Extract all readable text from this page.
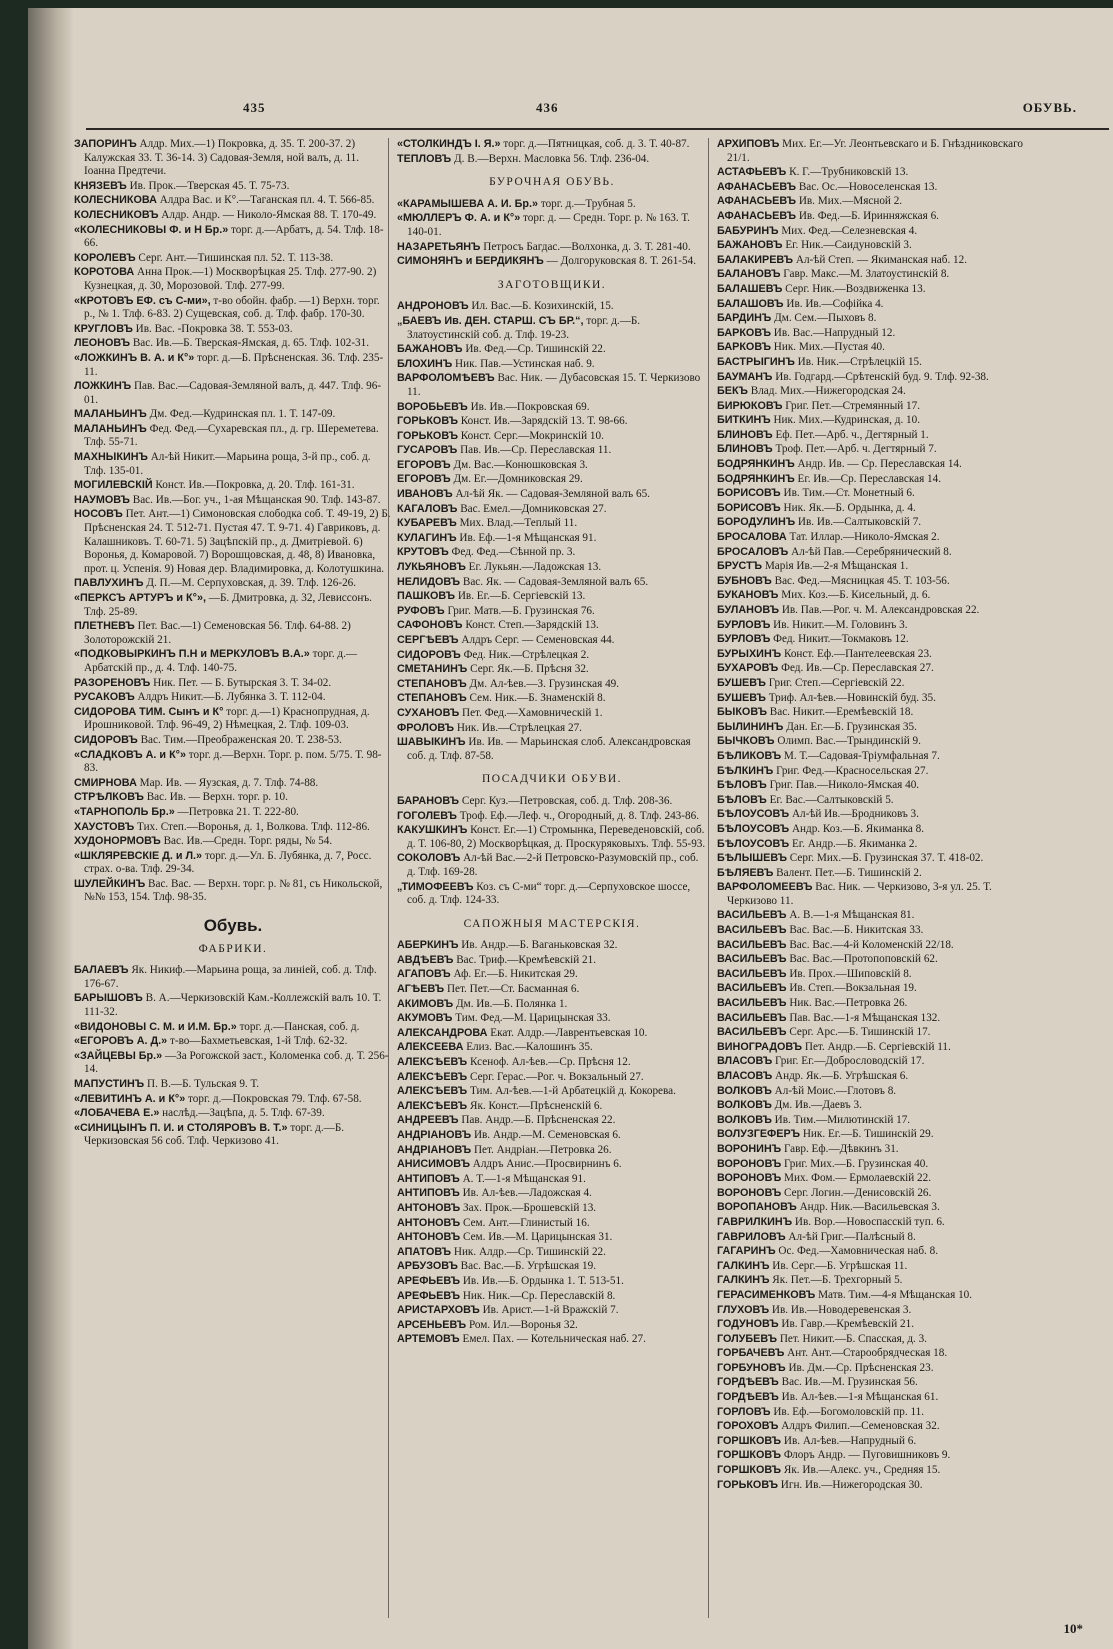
435	436	ОБУВЬ.
ЗАПОРИНЪ Алдр. Мих.—1) Покровка, д. 35. Т. 200-37. 2) Калужская 33. Т. 36-14. 3) Садовая-Земля, ной валъ, д. 11. Іоанна Предтечи.
КНЯЗЕВЪ Ив. Прок.—Тверская 45. Т. 75-73.
КОЛЕСНИКОВА Алдра Вас. и К°.—Таганская пл. 4. Т. 566-85.
КОЛЕСНИКОВЪ Алдр. Андр. — Николо-Ямская 88. Т. 170-49.
«КОЛЕСНИКОВЫ Ф. и Н Бр.» торг. д.—Арбатъ, д. 54. Тлф. 18-66.
КОРОЛЕВЪ Серг. Ант.—Тишинская пл. 52. Т. 113-38.
КОРОТОВА Анна Прок.—1) Москворѣцкая 25. Тлф. 277-90. 2) Кузнецкая, д. 30, Морозовой. Тлф. 277-99.
«КРОТОВЪ ЕФ. съ С-ми», т-во обойн. фабр. —1) Верхн. торг. р., № 1. Тлф. 6-83. 2) Сущевская, соб. д. Тлф. фабр. 170-30.
КРУГЛОВЪ Ив. Вас. -Покровка 38. Т. 553-03.
ЛЕОНОВЪ Вас. Ив.—Б. Тверская-Ямская, д. 65. Тлф. 102-31.
«ЛОЖКИНЪ В. А. и К°» торг. д.—Б. Прѣсненская. 36. Тлф. 235-11.
ЛОЖКИНЪ Пав. Вас.—Садовая-Земляной валъ, д. 447. Тлф. 96-01.
МАЛАНЬИНЪ Дм. Фед.—Кудринская пл. 1. Т. 147-09.
МАЛАНЬИНЪ Фед. Фед.—Сухаревская пл., д. гр. Шереметева. Тлф. 55-71.
МАХНЫКИНЪ Ал-ѣй Никит.—Марьина роща, 3-й пр., соб. д. Тлф. 135-01.
МОГИЛЕВСКІЙ Конст. Ив.—Покровка, д. 20. Тлф. 161-31.
НАУМОВЪ Вас. Ив.—Бог. уч., 1-ая Мѣщанская 90. Тлф. 143-87.
НОСОВЪ Пет. Ант.—1) Симоновская слободка соб. Т. 49-19, 2) Б. Прѣсненская 24. Т. 512-71. Пустая 47. Т. 9-71. 4) Гавриковъ, д. Калашниковъ. Т. 60-71. 5) Зацѣпскій пр., д. Дмитріевой. 6) Воронья, д. Комаровой. 7) Ворошцовская, д. 48, 8) Ивановка, прот. ц. Успенія. 9) Новая дер. Владимировка, д. Колотушкина.
ПАВЛУХИНЪ Д. П.—М. Серпуховская, д. 39. Тлф. 126-26.
«ПЕРКСЪ АРТУРЪ и К°», —Б. Дмитровка, д. 32, Левиссонъ. Тлф. 25-89.
ПЛЕТНЕВЪ Пет. Вас.—1) Семеновская 56. Тлф. 64-88. 2) Золоторожскій 21.
«ПОДКОВЫРКИНЪ П.Н и МЕРКУЛОВЪ В.А.» торг. д.—Арбатскій пр., д. 4. Тлф. 140-75.
РАЗОРЕНОВЪ Ник. Пет. — Б. Бутырская 3. Т. 34-02.
РУСАКОВЪ Алдръ Никит.—Б. Лубянка 3. Т. 112-04.
СИДОРОВА ТИМ. Сынъ и К° торг. д.—1) Краснопрудная, д. Ирошниковой. Тлф. 96-49, 2) Нѣмецкая, 2. Тлф. 109-03.
СИДОРОВЪ Вас. Тим.—Преображенская 20. Т. 238-53.
«СЛАДКОВЪ А. и К°» торг. д.—Верхн. Торг. р. пом. 5/75. Т. 98-83.
СМИРНОВА Мар. Ив. — Яузская, д. 7. Тлф. 74-88.
СТРѢЛКОВЪ Вас. Ив. — Верхн. торг. р. 10.
«ТАРНОПОЛЬ Бр.» —Петровка 21. Т. 222-80.
ХАУСТОВЪ Тих. Степ.—Воронья, д. 1, Волкова. Тлф. 112-86.
ХУДОНОРМОВЪ Вас. Ив.—Средн. Торг. ряды, № 54.
«ШКЛЯРЕВСКІЕ Д. и Л.» торг. д.—Ул. Б. Лубянка, д. 7, Росс. страх. о-ва. Тлф. 29-34.
ШУЛЕЙКИНЪ Вас. Вас. — Верхн. торг. р. № 81, съ Никольской, №№ 153, 154. Тлф. 98-35.
Обувь.
ФАБРИКИ.
БАЛАЕВЪ Як. Никиф.—Марьина роща, за линіей, соб. д. Тлф. 176-67.
БАРЫШОВЪ В. А.—Черкизовскій Кам.-Коллежскій валъ 10. Т. 111-32.
«ВИДОНОВЫ С. М. и И.М. Бр.» торг. д.—Панская, соб. д.
«ЕГОРОВЪ А. Д.» т-во—Бахметьевская, 1-й Тлф. 62-32.
«ЗАЙЦЕВЫ Бр.» —За Рогожской заст., Коломенка соб. д. Т. 256-14.
МАПУСТИНЪ П. В.—Б. Тульская 9. Т.
«ЛЕВИТИНЪ А. и К°» торг. д.—Покровская 79. Тлф. 67-58.
«ЛОБАЧЕВА Е.» наслѣд.—Зацѣпа, д. 5. Тлф. 67-39.
«СИНИЦЫНЪ П. И. и СТОЛЯРОВЪ В. Т.» торг. д.—Б. Черкизовская 56 соб. Тлф. Черкизово 41.
«СТОЛКИНДЪ І. Я.» торг. д.—Пятницкая, соб. д. 3. Т. 40-87.
ТЕПЛОВЪ Д. В.—Верхн. Масловка 56. Тлф. 236-04.
БУРОЧНАЯ ОБУВЬ.
«КАРАМЫШЕВА А. И. Бр.» торг. д.—Трубная 5.
«МЮЛЛЕРЪ Ф. А. и К°» торг. д. — Средн. Торг. р. № 163. Т. 140-01.
НАЗАРЕТЬЯНЪ Петросъ Багдас.—Волхонка, д. 3. Т. 281-40.
СИМОНЯНЪ и БЕРДИКЯНЪ — Долгоруковская 8. Т. 261-54.
ЗАГОТОВЩИКИ.
АНДРОНОВЪ Ил. Вас.—Б. Козихинскій, 15.
„БАЕВЪ Ив. ДЕН. СТАРШ. СЪ БР.“, торг. д.—Б. Златоустинскій соб. д. Тлф. 19-23.
БАЖАНОВЪ Ив. Фед.—Ср. Тишинскій 22.
БЛОХИНЪ Ник. Пав.—Устинская наб. 9.
ВАРФОЛОМѢЕВЪ Вас. Ник. — Дубасовская 15. Т. Черкизово 11.
ВОРОБЬЕВЪ Ив. Ив.—Покровская 69.
ГОРЬКОВЪ Конст. Ив.—Зарядскій 13. Т. 98-66.
ГОРЬКОВЪ Конст. Серг.—Мокринскій 10.
ГУСАРОВЪ Пав. Ив.—Ср. Переславская 11.
ЕГОРОВЪ Дм. Вас.—Конюшковская 3.
ЕГОРОВЪ Дм. Ег.—Домниковская 29.
ИВАНОВЪ Ал-ѣй Як. — Садовая-Земляной валъ 65.
КАГАЛОВЪ Вас. Емел.—Домниковская 27.
КУБАРЕВЪ Мих. Влад.—Теплый 11.
КУЛАГИНЪ Ив. Еф.—1-я Мѣщанская 91.
КРУТОВЪ Фед. Фед.—Сѣнной пр. 3.
ЛУКЬЯНОВЪ Ег. Лукьян.—Ладожская 13.
НЕЛИДОВЪ Вас. Як. — Садовая-Земляной валъ 65.
ПАШКОВЪ Ив. Ег.—Б. Сергіевскій 13.
РУФОВЪ Григ. Матв.—Б. Грузинская 76.
САФОНОВЪ Конст. Степ.—Зарядскій 13.
СЕРГѢЕВЪ Алдръ Серг. — Семеновская 44.
СИДОРОВЪ Фед. Ник.—Стрѣлецкая 2.
СМЕТАНИНЪ Серг. Як.—Б. Прѣсня 32.
СТЕПАНОВЪ Дм. Ал-ѣев.—З. Грузинская 49.
СТЕПАНОВЪ Сем. Ник.—Б. Знаменскій 8.
СУХАНОВЪ Пет. Фед.—Хамовническій 1.
ФРОЛОВЪ Ник. Ив.—Стрѣлецкая 27.
ШАВЫКИНЪ Ив. Ив. — Марьинская слоб. Александровская соб. д. Тлф. 87-58.
ПОСАДЧИКИ ОБУВИ.
БАРАНОВЪ Серг. Куз.—Петровская, соб. д. Тлф. 208-36.
ГОГОЛЕВЪ Троф. Еф.—Леф. ч., Огородный, д. 8. Тлф. 243-86.
КАКУШКИНЪ Конст. Ег.—1) Стромынка, Переведеновскій, соб. д. Т. 106-80, 2) Москворѣцкая, д. Проскуряковыхъ. Тлф. 55-93.
СОКОЛОВЪ Ал-ѣй Вас.—2-й Петровско-Разумовскій пр., соб. д. Тлф. 169-28.
„ТИМОФЕЕВЪ Коз. съ С-ми“ торг. д.—Серпуховское шоссе, соб. д. Тлф. 124-33.
САПОЖНЫЯ МАСТЕРСКІЯ.
АБЕРКИНЪ Ив. Андр.—Б. Ваганьковская 32.
АВДѢЕВЪ Вас. Триф.—Кремѣевскій 21.
АГАПОВЪ Аф. Ег.—Б. Никитская 29.
АГѢЕВЪ Пет. Пет.—Ст. Басманная 6.
АКИМОВЪ Дм. Ив.—Б. Полянка 1.
АКУМОВЪ Тим. Фед.—М. Царицынская 33.
АЛЕКСАНДРОВА Екат. Алдр.—Лаврентьевская 10.
АЛЕКСЕЕВА Елиз. Вас.—Калошинъ 35.
АЛЕКСѢЕВЪ Ксеноф. Ал-ѣев.—Ср. Прѣсня 12.
АЛЕКСѢЕВЪ Серг. Герас.—Рог. ч. Вокзальный 27.
АЛЕКСѢЕВЪ Тим. Ал-ѣев.—1-й Арбатецкій д. Кокорева.
АЛЕКСѢЕВЪ Як. Конст.—Прѣсненскій 6.
АНДРЕЕВЪ Пав. Андр.—Б. Прѣсненская 22.
АНДРІАНОВЪ Ив. Андр.—М. Семеновская 6.
АНДРІАНОВЪ Пет. Андріан.—Петровка 26.
АНИСИМОВЪ Алдръ Анис.—Просвирнинъ 6.
АНТИПОВЪ А. Т.—1-я Мѣщанская 91.
АНТИПОВЪ Ив. Ал-ѣев.—Ладожская 4.
АНТОНОВЪ Зах. Прок.—Брошевскій 13.
АНТОНОВЪ Сем. Ант.—Глинистый 16.
АНТОНОВЪ Сем. Ив.—М. Царицынская 31.
АПАТОВЪ Ник. Алдр.—Ср. Тишинскій 22.
АРБУЗОВЪ Вас. Вас.—Б. Угрѣшская 19.
АРЕФЬЕВЪ Ив. Ив.—Б. Ордынка 1. Т. 513-51.
АРЕФЬЕВЪ Ник. Ник.—Ср. Переславскій 8.
АРИСТАРХОВЪ Ив. Арист.—1-й Вражскій 7.
АРСЕНЬЕВЪ Ром. Ил.—Воронья 32.
АРТЕМОВЪ Емел. Пах. — Котельническая наб. 27.
АРХИПОВЪ Мих. Ег.—Уг. Леонтьевскаго и Б. Гнѣздниковскаго 21/1.
АСТАФЬЕВЪ К. Г.—Трубниковскій 13.
АФАНАСЬЕВЪ Вас. Ос.—Новоселенская 13.
АФАНАСЬЕВЪ Ив. Мих.—Мясной 2.
АФАНАСЬЕВЪ Ив. Фед.—Б. Иринняжская 6.
БАБУРИНЪ Мих. Фед.—Селезневская 4.
БАЖАНОВЪ Ег. Ник.—Саидуновскій 3.
БАЛАКИРЕВЪ Ал-ѣй Степ. — Якиманская наб. 12.
БАЛАНОВЪ Гавр. Макс.—М. Златоустинскій 8.
БАЛАШЕВЪ Серг. Ник.—Воздвиженка 13.
БАЛАШОВЪ Ив. Ив.—Софійка 4.
БАРДИНЪ Дм. Сем.—Пыховъ 8.
БАРКОВЪ Ив. Вас.—Напрудный 12.
БАРКОВЪ Ник. Мих.—Пустая 40.
БАСТРЫГИНЪ Ив. Ник.—Стрѣлецкій 15.
БАУМАНЪ Ив. Годгард.—Срѣтенскій буд. 9. Тлф. 92-38.
БЕКЪ Влад. Мих.—Нижегородская 24.
БИРЮКОВЪ Григ. Пет.—Стремянный 17.
БИТКИНЪ Ник. Мих.—Кудринская, д. 10.
БЛИНОВЪ Еф. Пет.—Арб. ч., Дегтярный 1.
БЛИНОВЪ Троф. Пет.—Арб. ч. Дегтярный 7.
БОДРЯНКИНЪ Андр. Ив. — Ср. Переславская 14.
БОДРЯНКИНЪ Ег. Ив.—Ср. Переславская 14.
БОРИСОВЪ Ив. Тим.—Ст. Монетный 6.
БОРИСОВЪ Ник. Як.—Б. Ордынка, д. 4.
БОРОДУЛИНЪ Ив. Ив.—Салтыковскій 7.
БРОСАЛОВА Тат. Иллар.—Николо-Ямская 2.
БРОСАЛОВЪ Ал-ѣй Пав.—Серебрянический 8.
БРУСТЪ Марія Ив.—2-я Мѣщанская 1.
БУБНОВЪ Вас. Фед.—Мясницкая 45. Т. 103-56.
БУКАНОВЪ Мих. Коз.—Б. Кисельный, д. 6.
БУЛАНОВЪ Ив. Пав.—Рог. ч. М. Александровская 22.
БУРЛОВЪ Ив. Никит.—М. Головинъ 3.
БУРЛОВЪ Фед. Никит.—Токмаковъ 12.
БУРЫХИНЪ Конст. Еф.—Пантелеевская 23.
БУХАРОВЪ Фед. Ив.—Ср. Переславская 27.
БУШЕВЪ Григ. Степ.—Сергіевскій 22.
БУШЕВЪ Триф. Ал-ѣев.—Новинскій буд. 35.
БЫКОВЪ Вас. Никит.—Еремѣевскій 18.
БЫЛИНИНЪ Дан. Ег.—Б. Грузинская 35.
БЫЧКОВЪ Олимп. Вас.—Трындинскій 9.
БѢЛИКОВЪ М. Т.—Садовая-Тріумфальная 7.
БѢЛКИНЪ Григ. Фед.—Красносельская 27.
БѢЛОВЪ Григ. Пав.—Николо-Ямская 40.
БѢЛОВЪ Ег. Вас.—Салтыковскій 5.
БѢЛОУСОВЪ Ал-ѣй Ив.—Бродниковъ 3.
БѢЛОУСОВЪ Андр. Коз.—Б. Якиманка 8.
БѢЛОУСОВЪ Ег. Андр.—Б. Якиманка 2.
БѢЛЫШЕВЪ Серг. Мих.—Б. Грузинская 37. Т. 418-02.
БѢЛЯЕВЪ Валент. Пет.—Б. Тишинскій 2.
ВАРФОЛОМЕЕВЪ Вас. Ник. — Черкизово, 3-я ул. 25. Т. Черкизово 11.
ВАСИЛЬЕВЪ А. В.—1-я Мѣщанская 81.
ВАСИЛЬЕВЪ Вас. Вас.—Б. Никитская 33.
ВАСИЛЬЕВЪ Вас. Вас.—4-й Коломенскій 22/18.
ВАСИЛЬЕВЪ Вас. Вас.—Протопоповскій 62.
ВАСИЛЬЕВЪ Ив. Прох.—Шиповскій 8.
ВАСИЛЬЕВЪ Ив. Степ.—Вокзальная 19.
ВАСИЛЬЕВЪ Ник. Вас.—Петровка 26.
ВАСИЛЬЕВЪ Пав. Вас.—1-я Мѣщанская 132.
ВАСИЛЬЕВЪ Серг. Арс.—Б. Тишинскій 17.
ВИНОГРАДОВЪ Пет. Андр.—Б. Сергіевскій 11.
ВЛАСОВЪ Григ. Ег.—Добрословодскій 17.
ВЛАСОВЪ Андр. Як.—Б. Угрѣшская 6.
ВОЛКОВЪ Ал-ѣй Моис.—Глотовъ 8.
ВОЛКОВЪ Дм. Ив.—Даевъ 3.
ВОЛКОВЪ Ив. Тим.—Милютинскій 17.
ВОЛУЗГЕФЕРЪ Ник. Ег.—Б. Тишинскій 29.
ВОРОНИНЪ Гавр. Еф.—Дѣвкинъ 31.
ВОРОНОВЪ Григ. Мих.—Б. Грузинская 40.
ВОРОНОВЪ Мих. Фом.— Ермолаевскій 22.
ВОРОНОВЪ Серг. Логин.—Денисовскій 26.
ВОРОПАНОВЪ Андр. Ник.—Васильевская 3.
ГАВРИЛКИНЪ Ив. Вор.—Новоспасскій туп. 6.
ГАВРИЛОВЪ Ал-ѣй Григ.—Палѣсный 8.
ГАГАРИНЪ Ос. Фед.—Хамовническая наб. 8.
ГАЛКИНЪ Ив. Серг.—Б. Угрѣшская 11.
ГАЛКИНЪ Як. Пет.—Б. Трехгорный 5.
ГЕРАСИМЕНКОВЪ Матв. Тим.—4-я Мѣщанская 10.
ГЛУХОВЪ Ив. Ив.—Новодеревенская 3.
ГОДУНОВЪ Ив. Гавр.—Кремѣевскій 21.
ГОЛУБЕВЪ Пет. Никит.—Б. Спасская, д. 3.
ГОРБАЧЕВЪ Ант. Ант.—Старообрядческая 18.
ГОРБУНОВЪ Ив. Дм.—Ср. Прѣсненская 23.
ГОРДѢЕВЪ Вас. Ив.—М. Грузинская 56.
ГОРДѢЕВЪ Ив. Ал-ѣев.—1-я Мѣщанская 61.
ГОРЛОВЪ Ив. Еф.—Богомоловскій пр. 11.
ГОРОХОВЪ Алдръ Филип.—Семеновская 32.
ГОРШКОВЪ Ив. Ал-ѣев.—Напрудный 6.
ГОРШКОВЪ Флоръ Андр. — Пуговишниковъ 9.
ГОРШКОВЪ Як. Ив.—Алекс. уч., Средняя 15.
ГОРЬКОВЪ Игн. Ив.—Нижегородская 30.
10*
